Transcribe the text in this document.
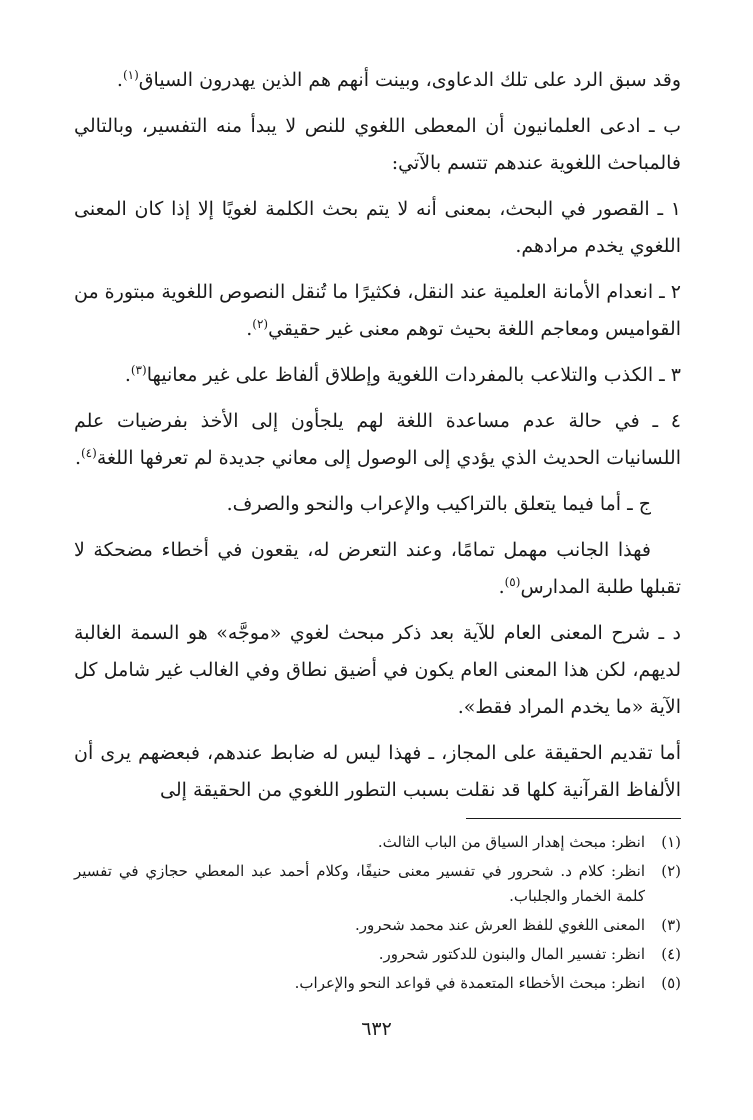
وقد سبق الرد على تلك الدعاوى، وبينت أنهم هم الذين يهدرون السياق$^{(١)}$.

ب ـ ادعى العلمانيون أن المعطى اللغوي للنص لا يبدأ منه التفسير، وبالتالي فالمباحث اللغوية عندهم تتسم بالآتي:

١ ـ القصور في البحث، بمعنى أنه لا يتم بحث الكلمة لغويًا إلا إذا كان المعنى اللغوي يخدم مرادهم.

٢ ـ انعدام الأمانة العلمية عند النقل، فكثيرًا ما تُنقل النصوص اللغوية مبتورة من القواميس ومعاجم اللغة بحيث توهم معنى غير حقيقي$^{(٢)}$.

٣ ـ الكذب والتلاعب بالمفردات اللغوية وإطلاق ألفاظ على غير معانيها$^{(٣)}$.

٤ ـ في حالة عدم مساعدة اللغة لهم يلجأون إلى الأخذ بفرضيات علم اللسانيات الحديث الذي يؤدي إلى الوصول إلى معاني جديدة لم تعرفها اللغة$^{(٤)}$.

ج ـ أما فيما يتعلق بالتراكيب والإعراب والنحو والصرف.

فهذا الجانب مهمل تمامًا، وعند التعرض له، يقعون في أخطاء مضحكة لا تقبلها طلبة المدارس$^{(٥)}$.

د ـ شرح المعنى العام للآية بعد ذكر مبحث لغوي «موجَّه» هو السمة الغالبة لديهم، لكن هذا المعنى العام يكون في أضيق نطاق وفي الغالب غير شامل كل الآية «ما يخدم المراد فقط».

أما تقديم الحقيقة على المجاز، ـ فهذا ليس له ضابط عندهم، فبعضهم يرى أن الألفاظ القرآنية كلها قد نقلت بسبب التطور اللغوي من الحقيقة إلى

(١)
انظر: مبحث إهدار السياق من الباب الثالث.
(٢)
انظر: كلام د. شحرور في تفسير معنى حنيفًا، وكلام أحمد عبد المعطي حجازي في تفسير كلمة الخمار والجلباب.
(٣)
المعنى اللغوي للفظ العرش عند محمد شحرور.
(٤)
انظر: تفسير المال والبنون للدكتور شحرور.
(٥)
انظر: مبحث الأخطاء المتعمدة في قواعد النحو والإعراب.
٦٣٢
